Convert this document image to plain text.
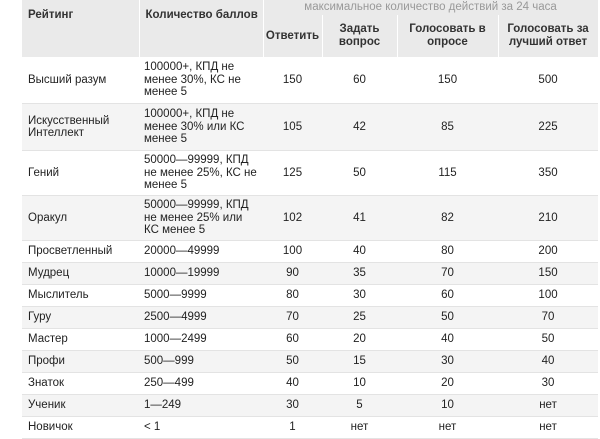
Рейтинг	Количество баллов	максимальное количество действий за 24 часа			
		Ответить	Задать вопрос	Голосовать в опросе	Голосовать за лучший ответ
Высший разум	100000+, КПД не менее 30%, КС не менее 5	150	60	150	500
Искусственный Интеллект	100000+, КПД не менее 30% или КС менее 5	105	42	85	225
Гений	50000—99999, КПД не менее 25%, КС не менее 5	125	50	115	350
Оракул	50000—99999, КПД не менее 25% или КС менее 5	102	41	82	210
Просветленный	20000—49999	100	40	80	200
Мудрец	10000—19999	90	35	70	150
Мыслитель	5000—9999	80	30	60	100
Гуру	2500—4999	70	25	50	70
Мастер	1000—2499	60	20	40	50
Профи	500—999	50	15	30	40
Знаток	250—499	40	10	20	30
Ученик	1—249	30	5	10	нет
Новичок	< 1	1	нет	нет	нет
